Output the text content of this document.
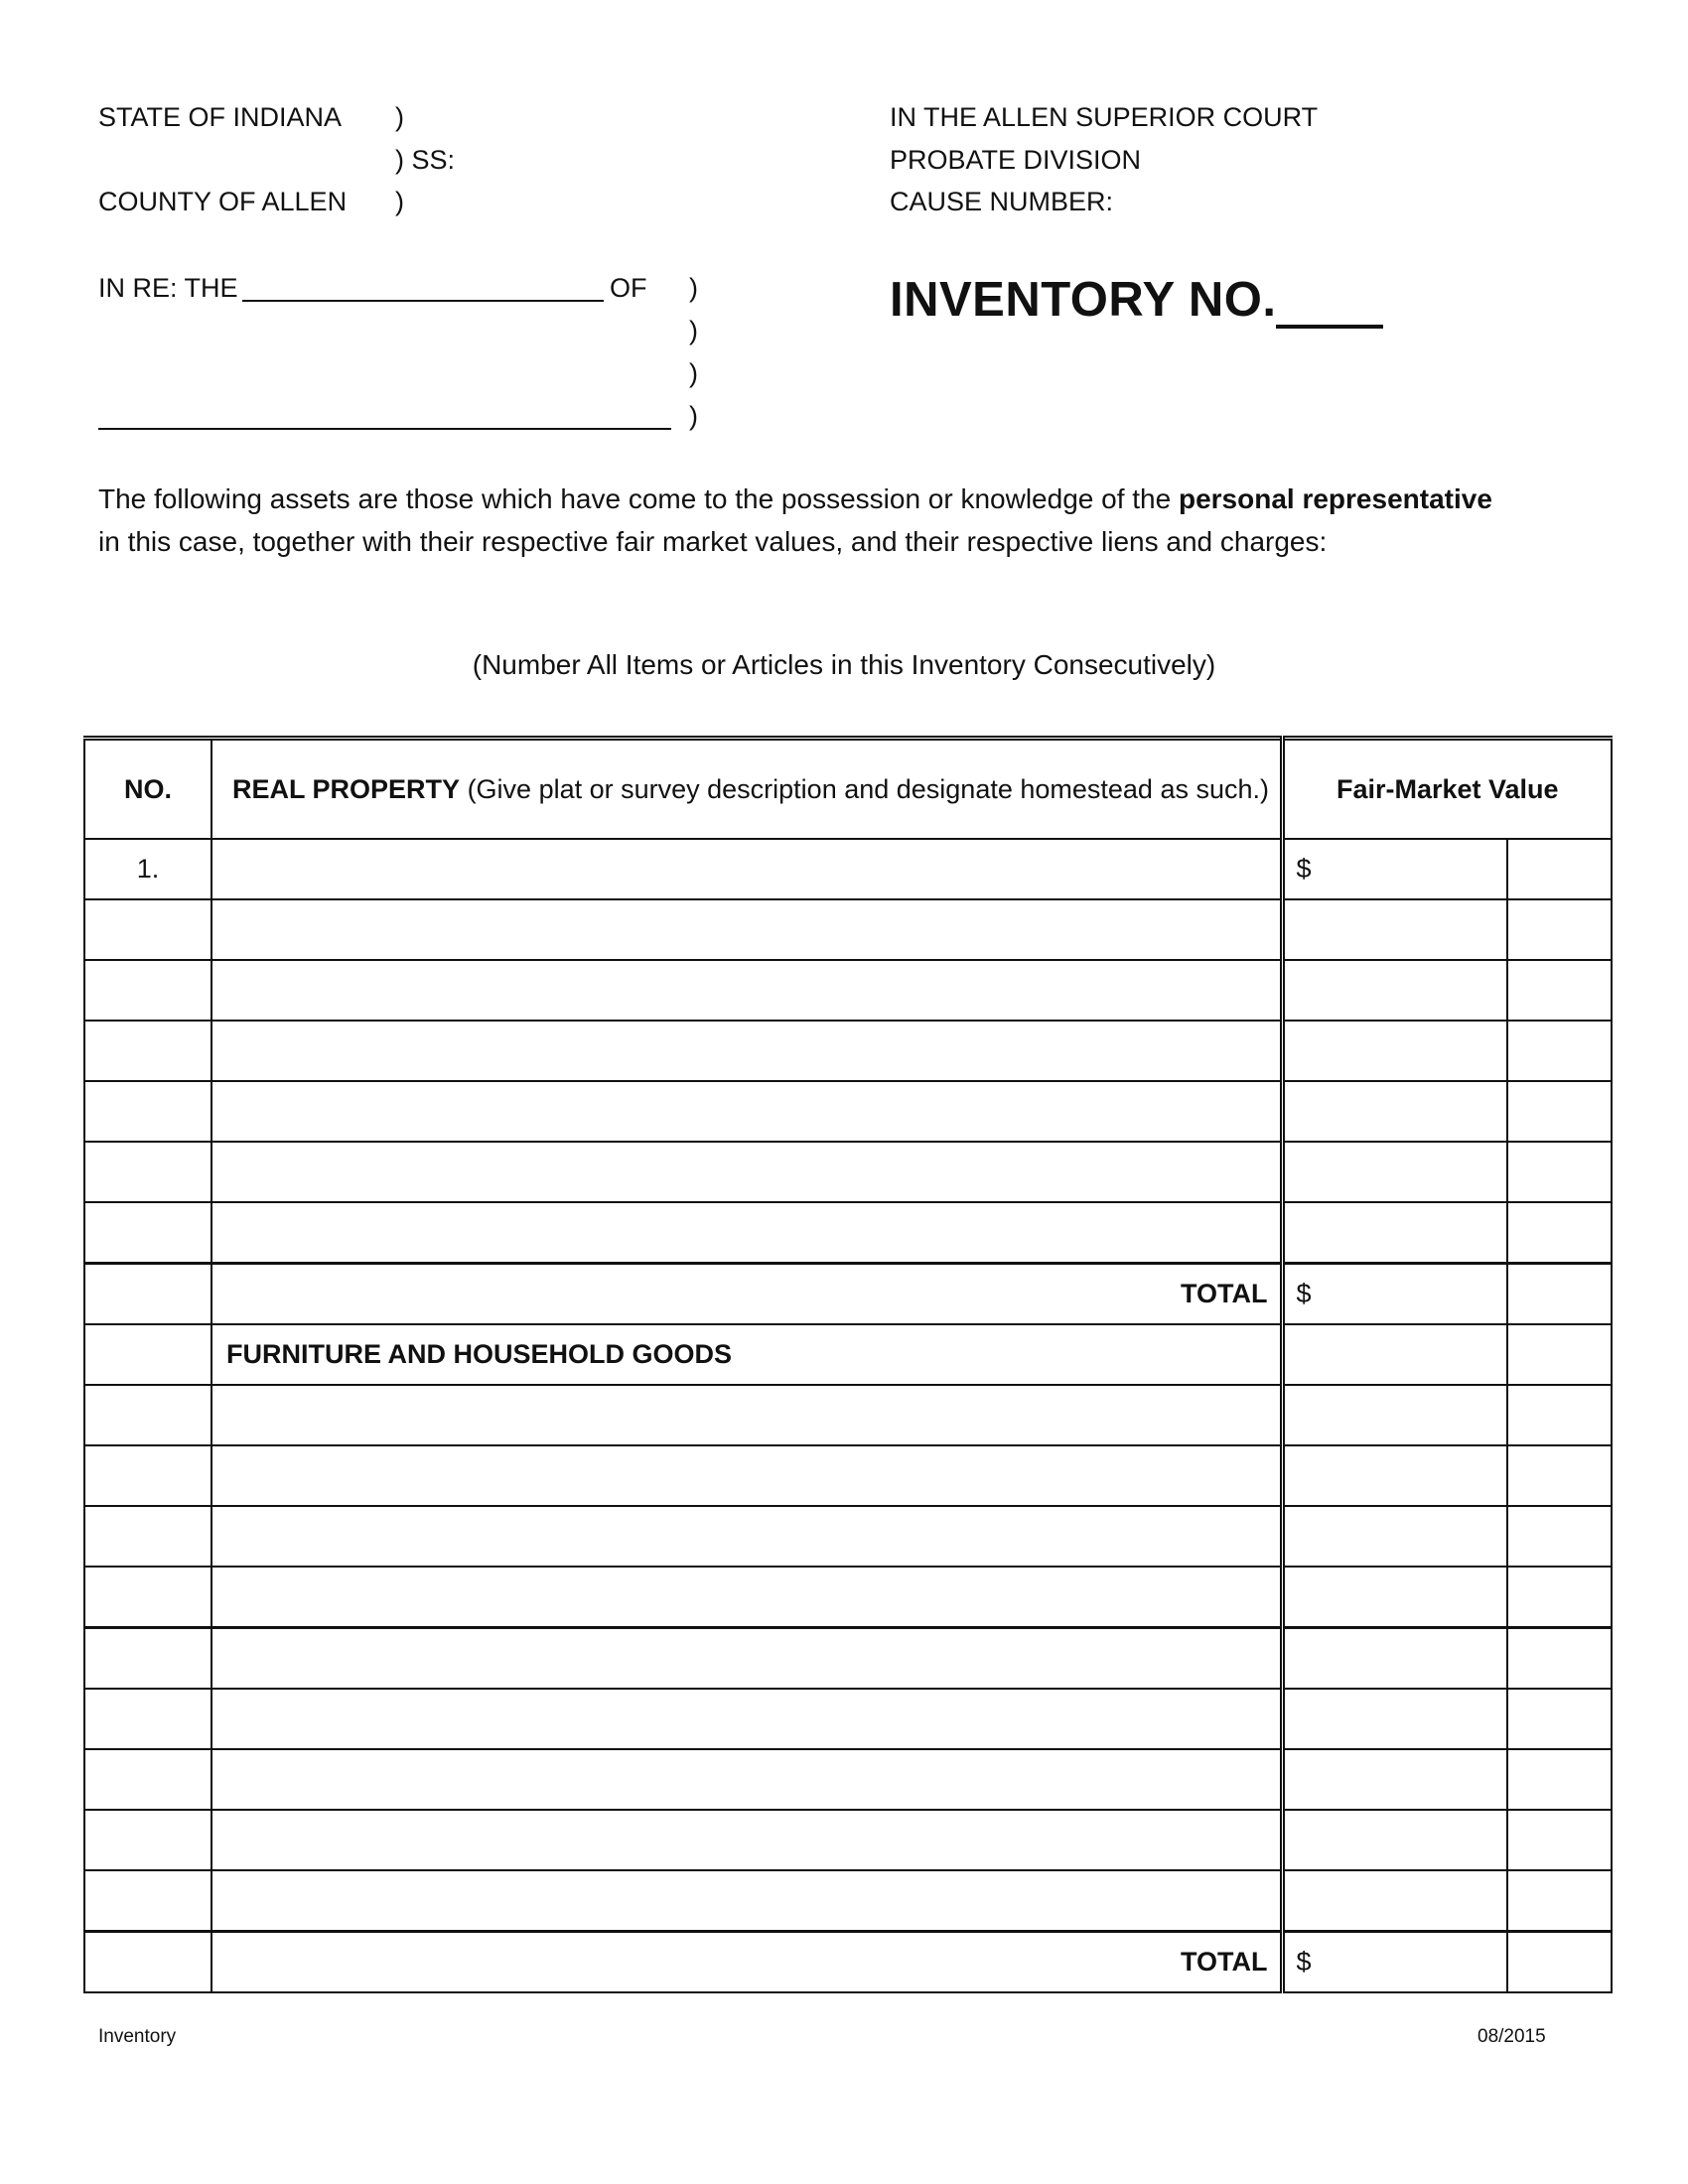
STATE OF INDIANA )
) SS:
COUNTY OF ALLEN )
IN THE ALLEN SUPERIOR COURT
PROBATE DIVISION
CAUSE NUMBER:
IN RE: THE	OF )
)
)
)
INVENTORY NO.
The following assets are those which have come to the possession or knowledge of the personal representative
in this case, together with their respective fair market values, and their respective liens and charges:
(Number All Items or Articles in this Inventory Consecutively)
NO.	REAL PROPERTY (Give plat or survey description and designate homestead as such.)	Fair-Market Value	
1.		$	

	TOTAL	$	
	FURNITURE AND HOUSEHOLD GOODS		

	TOTAL	$	
Inventory	08/2015
